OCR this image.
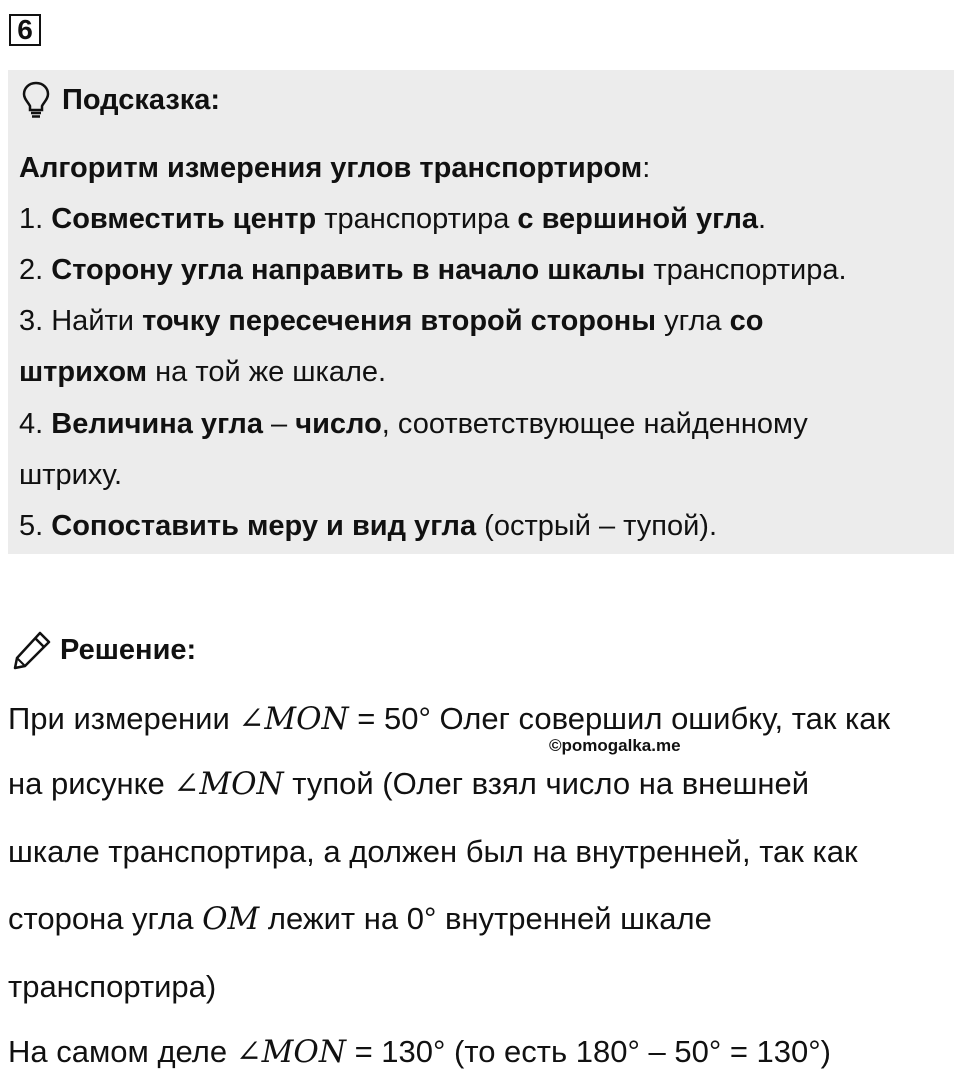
6
Подсказка:
Алгоритм измерения углов транспортиром:
1. Совместить центр транспортира с вершиной угла.
2. Сторону угла направить в начало шкалы транспортира.
3. Найти точку пересечения второй стороны угла со
штрихом на той же шкале.
4. Величина угла – число, соответствующее найденному
штриху.
5. Сопоставить меру и вид угла (острый – тупой).
Решение:
При измерении ∠MON = 50° Олег совершил ошибку, так как
©pomogalka.me
на рисунке ∠MON тупой (Олег взял число на внешней
шкале транспортира, а должен был на внутренней, так как
сторона угла OM лежит на 0° внутренней шкале
транспортира)
На самом деле ∠MON = 130° (то есть 180° – 50° = 130°)
